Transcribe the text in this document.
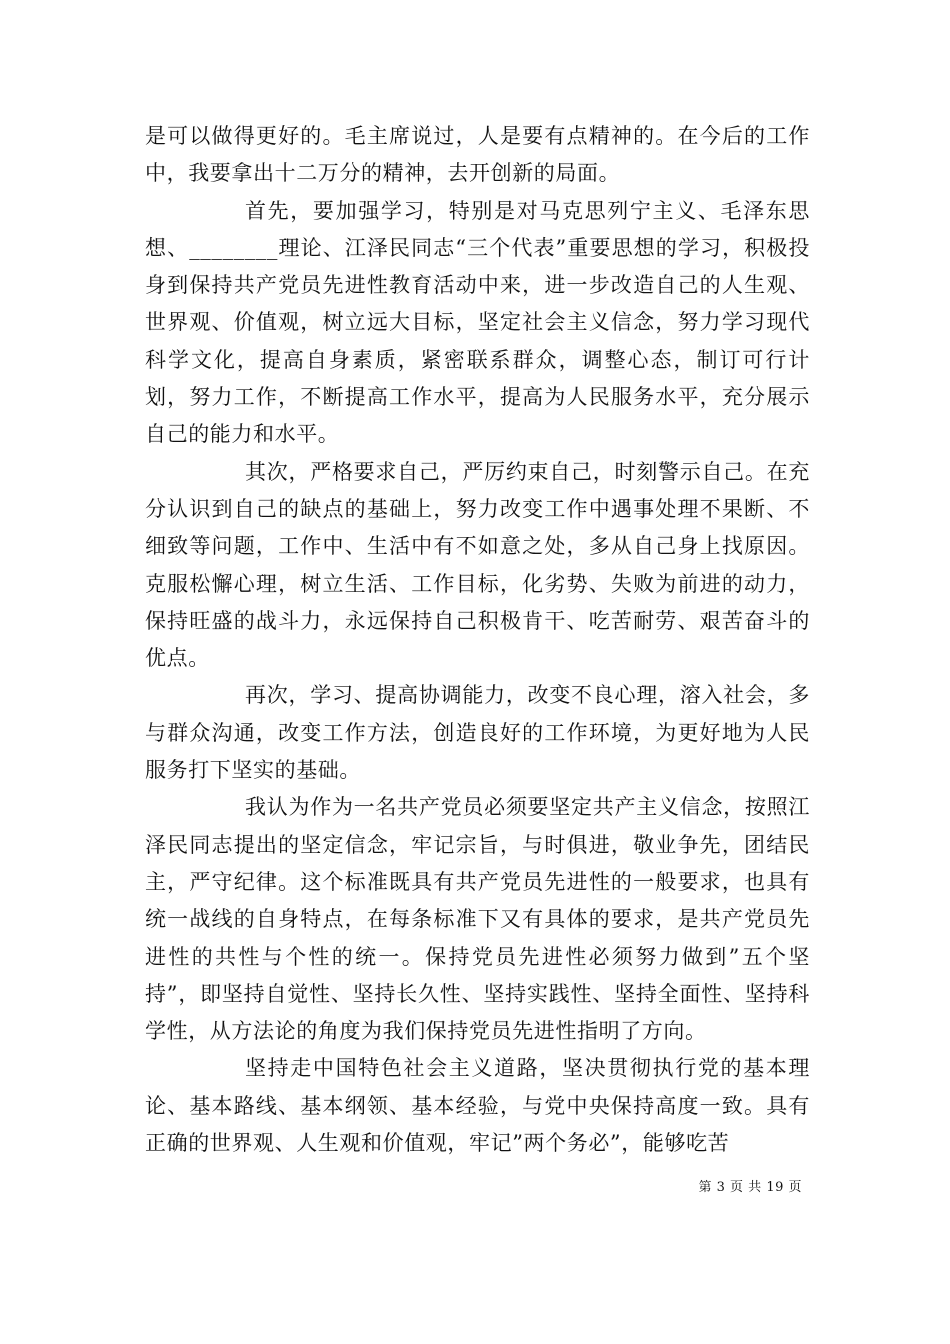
是可以做得更好的。毛主席说过，人是要有点精神的。在今后的工作中，我要拿出十二万分的精神，去开创新的局面。

首先，要加强学习，特别是对马克思列宁主义、毛泽东思想、________理论、江泽民同志“三个代表”重要思想的学习，积极投身到保持共产党员先进性教育活动中来，进一步改造自己的人生观、世界观、价值观，树立远大目标，坚定社会主义信念，努力学习现代科学文化，提高自身素质，紧密联系群众，调整心态，制订可行计划，努力工作，不断提高工作水平，提高为人民服务水平，充分展示自己的能力和水平。

其次，严格要求自己，严厉约束自己，时刻警示自己。在充分认识到自己的缺点的基础上，努力改变工作中遇事处理不果断、不细致等问题，工作中、生活中有不如意之处，多从自己身上找原因。克服松懈心理，树立生活、工作目标，化劣势、失败为前进的动力，保持旺盛的战斗力，永远保持自己积极肯干、吃苦耐劳、艰苦奋斗的优点。

再次，学习、提高协调能力，改变不良心理，溶入社会，多与群众沟通，改变工作方法，创造良好的工作环境，为更好地为人民服务打下坚实的基础。

我认为作为一名共产党员必须要坚定共产主义信念，按照江泽民同志提出的坚定信念，牢记宗旨，与时俱进，敬业争先，团结民主，严守纪律。这个标准既具有共产党员先进性的一般要求，也具有统一战线的自身特点，在每条标准下又有具体的要求，是共产党员先进性的共性与个性的统一。保持党员先进性必须努力做到”五个坚持”，即坚持自觉性、坚持长久性、坚持实践性、坚持全面性、坚持科学性，从方法论的角度为我们保持党员先进性指明了方向。

坚持走中国特色社会主义道路，坚决贯彻执行党的基本理论、基本路线、基本纲领、基本经验，与党中央保持高度一致。具有正确的世界观、人生观和价值观，牢记”两个务必”，能够吃苦

第 3 页 共 19 页
